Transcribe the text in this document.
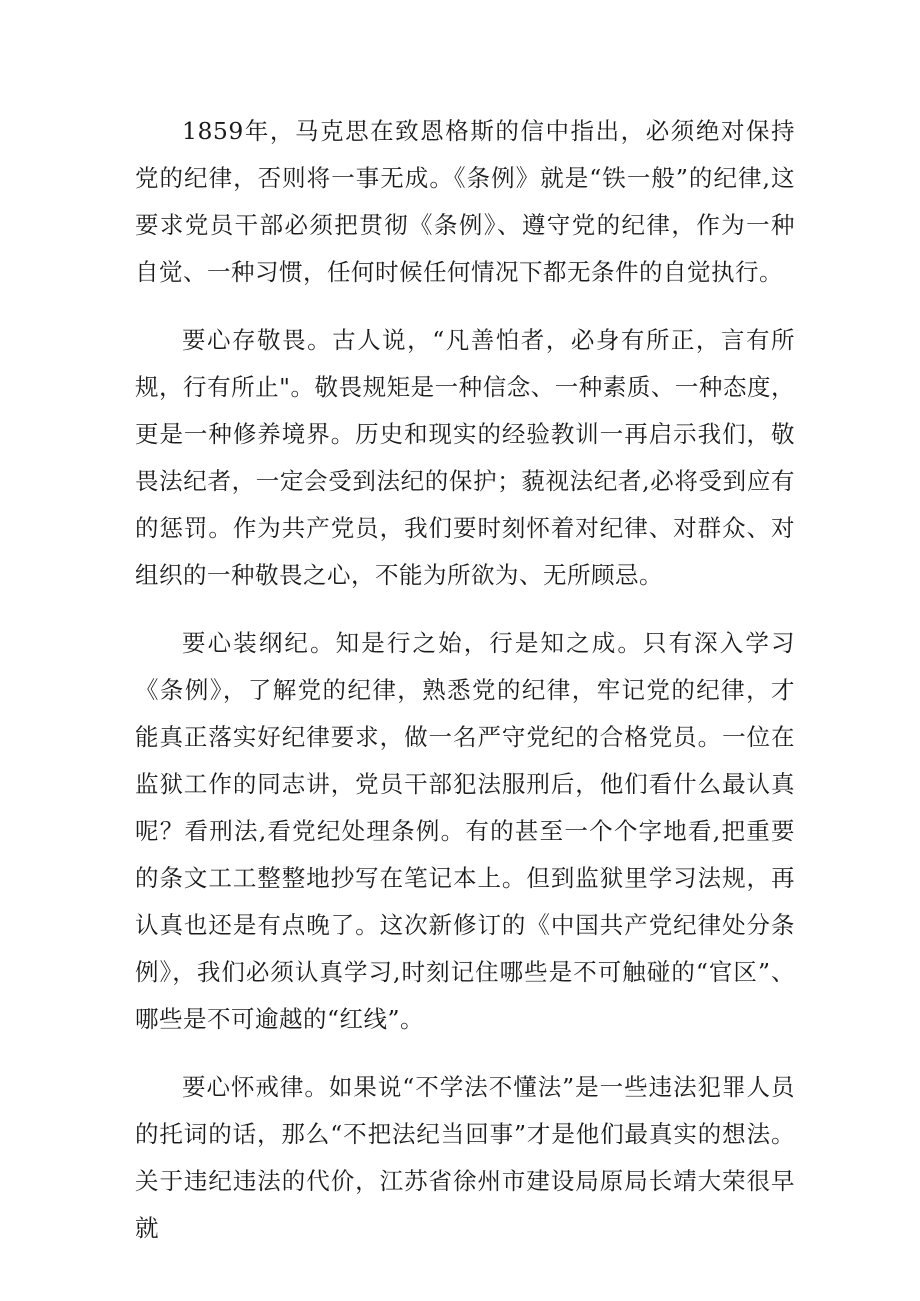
1859年，马克思在致恩格斯的信中指出，必须绝对保持党的纪律，否则将一事无成。《条例》就是“铁一般”的纪律,这要求党员干部必须把贯彻《条例》、遵守党的纪律，作为一种自觉、一种习惯，任何时候任何情况下都无条件的自觉执行。

要心存敬畏。古人说，“凡善怕者，必身有所正，言有所规，行有所止"。敬畏规矩是一种信念、一种素质、一种态度，更是一种修养境界。历史和现实的经验教训一再启示我们，敬畏法纪者，一定会受到法纪的保护；藐视法纪者,必将受到应有的惩罚。作为共产党员，我们要时刻怀着对纪律、对群众、对组织的一种敬畏之心，不能为所欲为、无所顾忌。

要心装纲纪。知是行之始，行是知之成。只有深入学习《条例》，了解党的纪律，熟悉党的纪律，牢记党的纪律，才能真正落实好纪律要求，做一名严守党纪的合格党员。一位在监狱工作的同志讲，党员干部犯法服刑后，他们看什么最认真呢？看刑法,看党纪处理条例。有的甚至一个个字地看,把重要的条文工工整整地抄写在笔记本上。但到监狱里学习法规，再认真也还是有点晚了。这次新修订的《中国共产党纪律处分条例》，我们必须认真学习,时刻记住哪些是不可触碰的“官区”、哪些是不可逾越的“红线”。

要心怀戒律。如果说“不学法不懂法”是一些违法犯罪人员的托词的话，那么“不把法纪当回事”才是他们最真实的想法。关于违纪违法的代价，江苏省徐州市建设局原局长靖大荣很早就
